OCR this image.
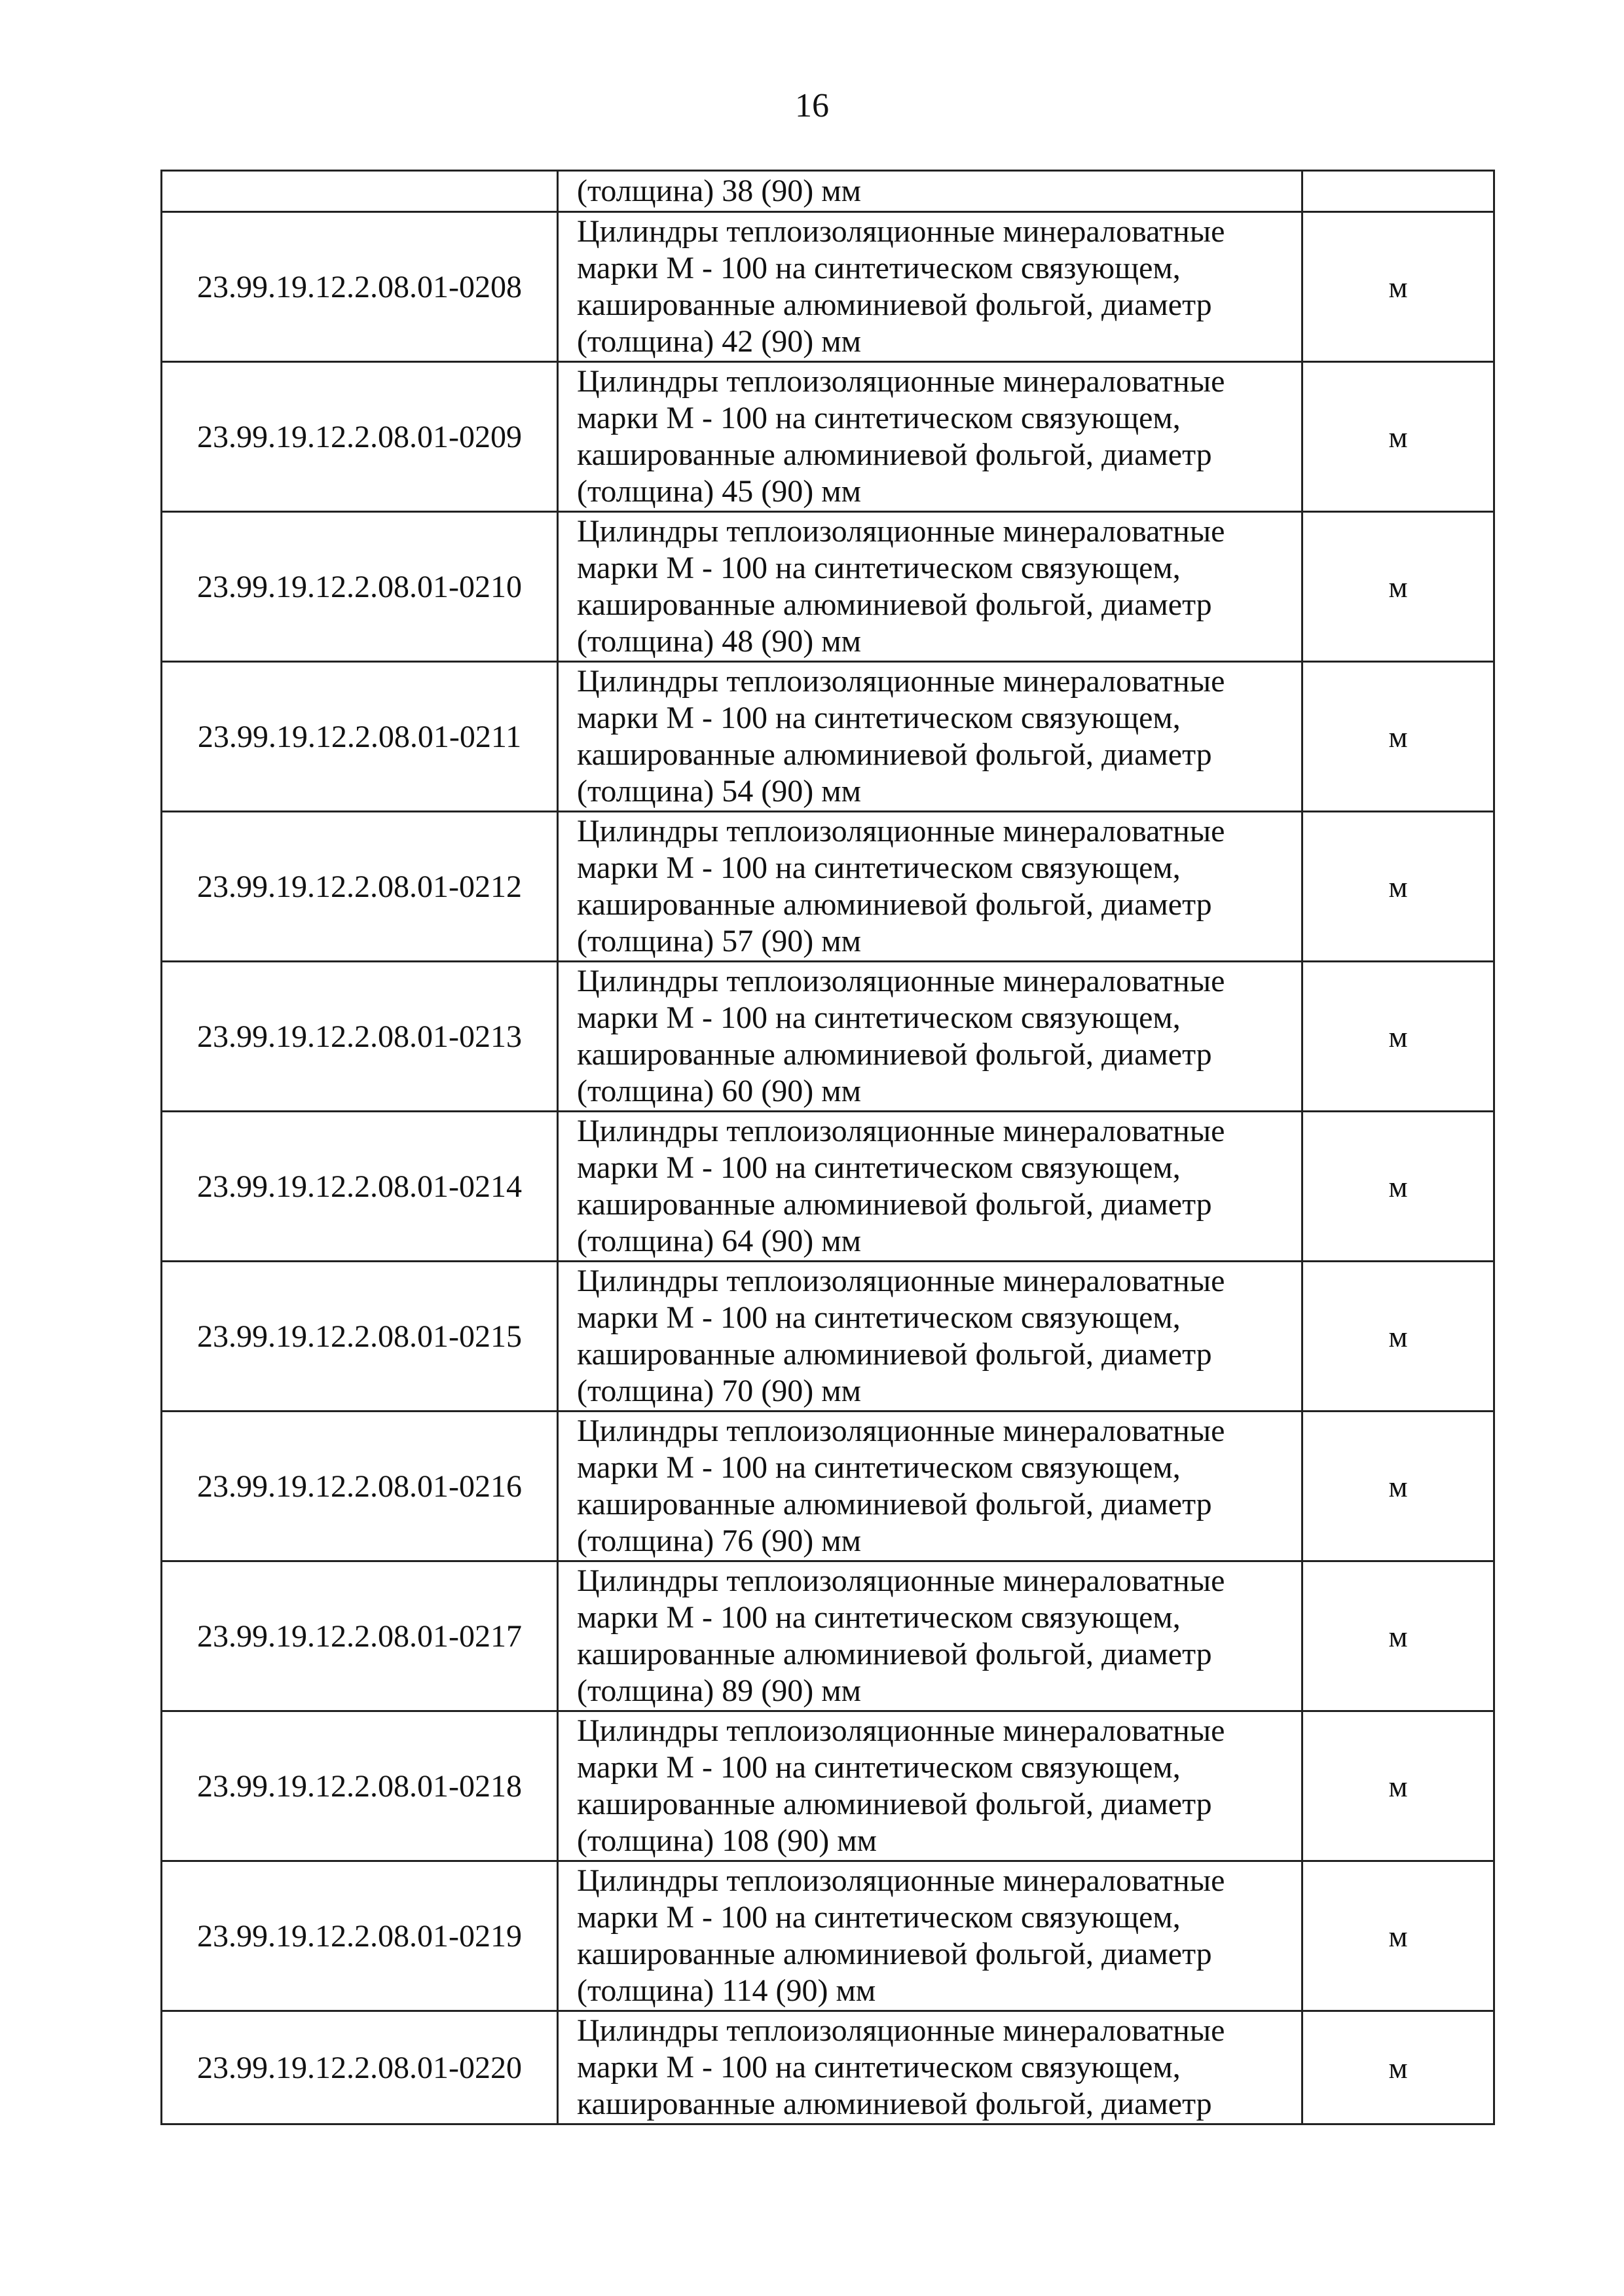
16

	(толщина) 38 (90) мм	

23.99.19.12.2.08.01-0208	Цилиндры теплоизоляционные минераловатные
марки М - 100 на синтетическом связующем,
кашированные алюминиевой фольгой, диаметр
(толщина) 42 (90) мм	м
23.99.19.12.2.08.01-0209	Цилиндры теплоизоляционные минераловатные
марки М - 100 на синтетическом связующем,
кашированные алюминиевой фольгой, диаметр
(толщина) 45 (90) мм	м
23.99.19.12.2.08.01-0210	Цилиндры теплоизоляционные минераловатные
марки М - 100 на синтетическом связующем,
кашированные алюминиевой фольгой, диаметр
(толщина) 48 (90) мм	м
23.99.19.12.2.08.01-0211	Цилиндры теплоизоляционные минераловатные
марки М - 100 на синтетическом связующем,
кашированные алюминиевой фольгой, диаметр
(толщина) 54 (90) мм	м
23.99.19.12.2.08.01-0212	Цилиндры теплоизоляционные минераловатные
марки М - 100 на синтетическом связующем,
кашированные алюминиевой фольгой, диаметр
(толщина) 57 (90) мм	м
23.99.19.12.2.08.01-0213	Цилиндры теплоизоляционные минераловатные
марки М - 100 на синтетическом связующем,
кашированные алюминиевой фольгой, диаметр
(толщина) 60 (90) мм	м
23.99.19.12.2.08.01-0214	Цилиндры теплоизоляционные минераловатные
марки М - 100 на синтетическом связующем,
кашированные алюминиевой фольгой, диаметр
(толщина) 64 (90) мм	м
23.99.19.12.2.08.01-0215	Цилиндры теплоизоляционные минераловатные
марки М - 100 на синтетическом связующем,
кашированные алюминиевой фольгой, диаметр
(толщина) 70 (90) мм	м
23.99.19.12.2.08.01-0216	Цилиндры теплоизоляционные минераловатные
марки М - 100 на синтетическом связующем,
кашированные алюминиевой фольгой, диаметр
(толщина) 76 (90) мм	м
23.99.19.12.2.08.01-0217	Цилиндры теплоизоляционные минераловатные
марки М - 100 на синтетическом связующем,
кашированные алюминиевой фольгой, диаметр
(толщина) 89 (90) мм	м
23.99.19.12.2.08.01-0218	Цилиндры теплоизоляционные минераловатные
марки М - 100 на синтетическом связующем,
кашированные алюминиевой фольгой, диаметр
(толщина) 108 (90) мм	м
23.99.19.12.2.08.01-0219	Цилиндры теплоизоляционные минераловатные
марки М - 100 на синтетическом связующем,
кашированные алюминиевой фольгой, диаметр
(толщина) 114 (90) мм	м
23.99.19.12.2.08.01-0220	Цилиндры теплоизоляционные минераловатные
марки М - 100 на синтетическом связующем,
кашированные алюминиевой фольгой, диаметр	м
